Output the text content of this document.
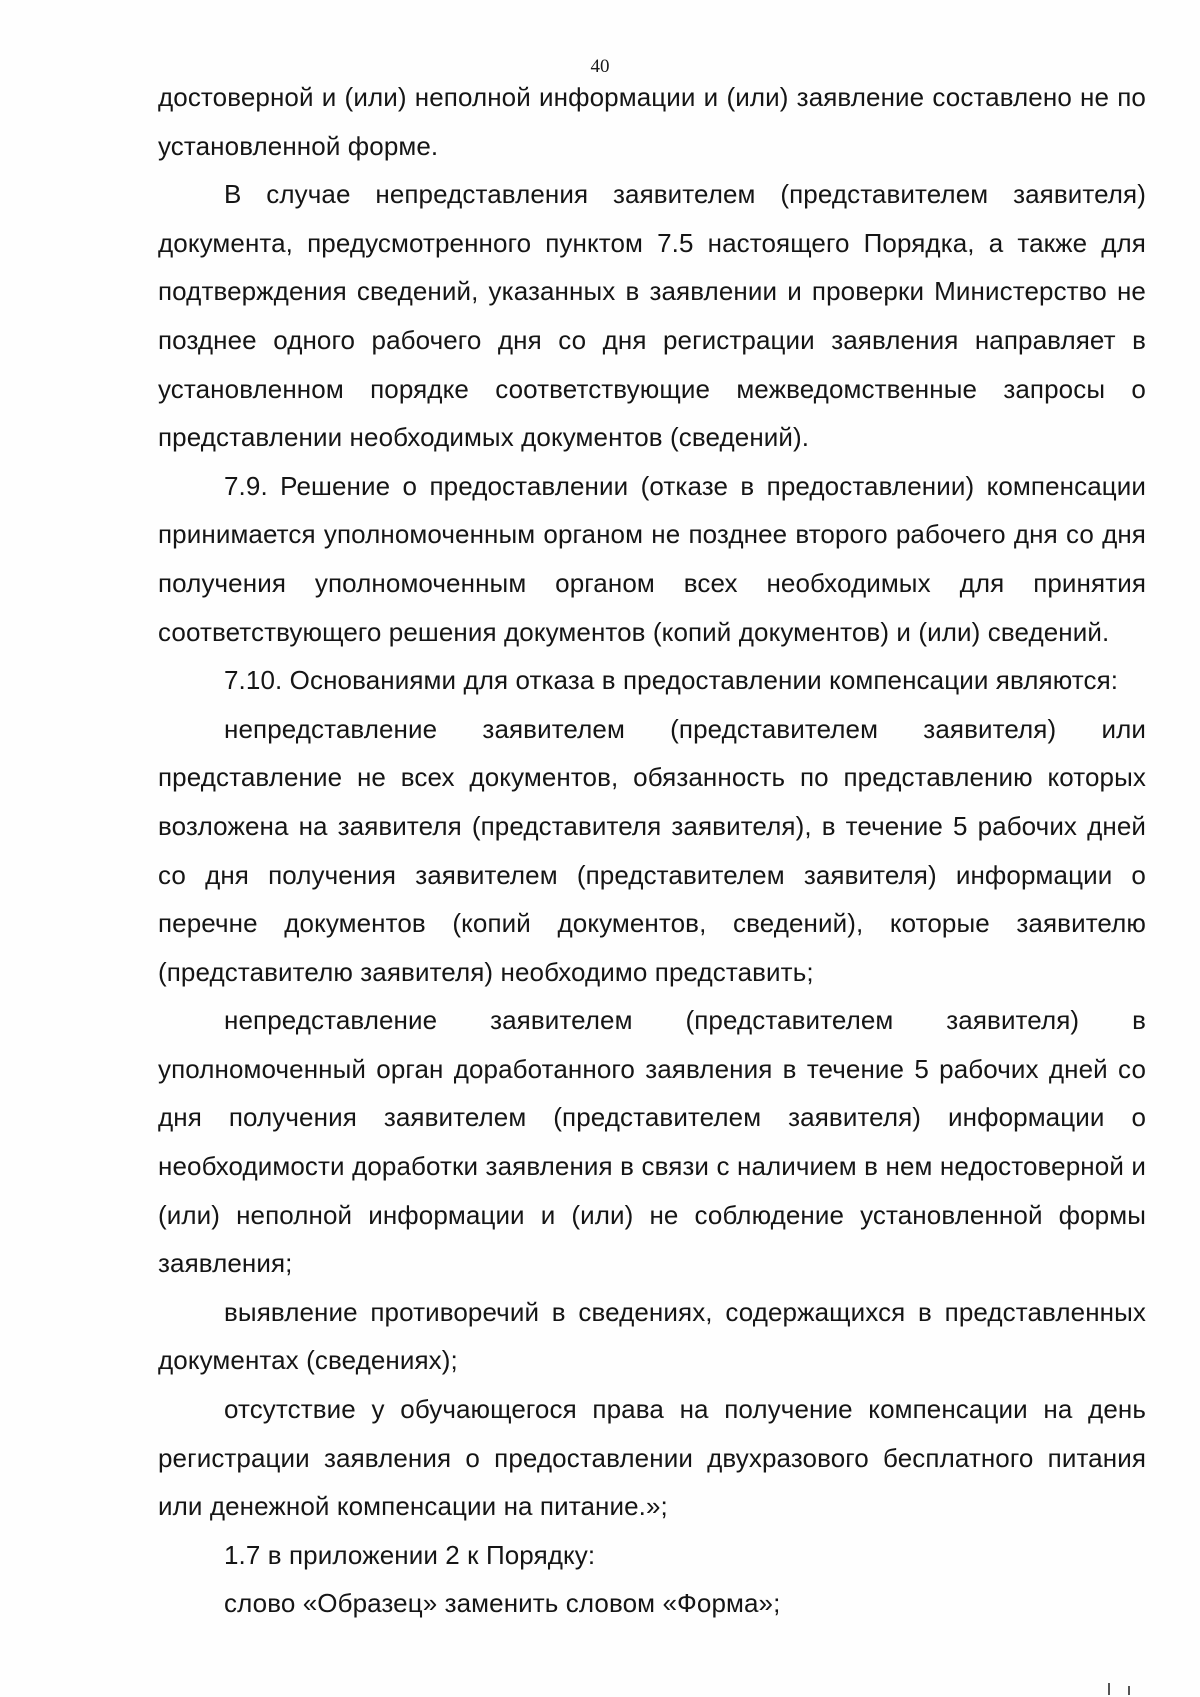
40

достоверной и (или) неполной информации и (или) заявление составлено не по установленной форме.

В случае непредставления заявителем (представителем заявителя) документа, предусмотренного пунктом 7.5 настоящего Порядка, а также для подтверждения сведений, указанных в заявлении и проверки Министерство не позднее одного рабочего дня со дня регистрации заявления направляет в установленном порядке соответствующие межведомственные запросы о представлении необходимых документов (сведений).

7.9. Решение о предоставлении (отказе в предоставлении) компенсации принимается уполномоченным органом не позднее второго рабочего дня со дня получения уполномоченным органом всех необходимых для принятия соответствующего решения документов (копий документов) и (или) сведений.

7.10. Основаниями для отказа в предоставлении компенсации являются:

непредставление заявителем (представителем заявителя) или представление не всех документов, обязанность по представлению которых возложена на заявителя (представителя заявителя), в течение 5 рабочих дней со дня получения заявителем (представителем заявителя) информации о перечне документов (копий документов, сведений), которые заявителю (представителю заявителя) необходимо представить;

непредставление заявителем (представителем заявителя) в уполномоченный орган доработанного заявления в течение 5 рабочих дней со дня получения заявителем (представителем заявителя) информации о необходимости доработки заявления в связи с наличием в нем недостоверной и (или) неполной информации и (или) не соблюдение установленной формы заявления;

выявление противоречий в сведениях, содержащихся в представленных документах (сведениях);

отсутствие у обучающегося права на получение компенсации на день регистрации заявления о предоставлении двухразового бесплатного питания или денежной компенсации на питание.»;

1.7 в приложении 2 к Порядку:

слово «Образец» заменить словом «Форма»;
